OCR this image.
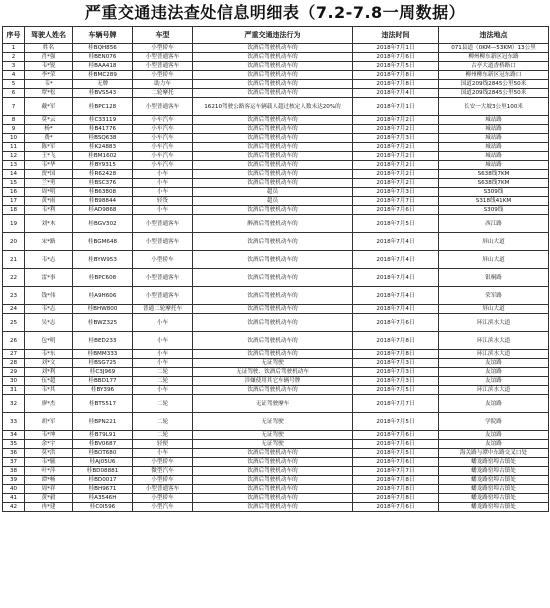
严重交通违法查处信息明细表（7.2-7.8一周数据）
序号	驾驶人姓名	车辆号牌	车型	严重交通违法行为	违法时间	违法地点
1	姓名	桂BQH856	小型轿车	饮酒后驾驶机动车的	2018年7月1日	071县道（0KM—53KM）13公里
2	肖*强	桂BEN076	小型普通客车	饮酒后驾驶机动车的	2018年7月6日	柳州柳东新区冠东路
3	韦*锐	桂BAA418	小型普通客车	饮酒后驾驶机动车的	2018年7月5日	古亭大道香桥路口
4	李*荣	桂BMC289	小型轿车	饮酒后驾驶机动车的	2018年7月8日	柳州柳东新区冠东路口
5	韦*	无牌	助力车	饮酒后驾驶机动车的	2018年7月8日	国道209线2845公里50米
6	覃*松	桂BVS543	二轮摩托	饮酒后驾驶机动车的	2018年7月4日	国道209线2845公里50米
7	戴*军	桂BPC128	小型普通客车	16210驾驶公路客运车辆载人超过核定人数未达20%的	2018年7月1日	长安一大坡3公里100米
8	莫*云	桂C33119	小车汽车	饮酒后驾驶机动车的	2018年7月2日	城站路
9	杨*	桂B41776	小车汽车	饮酒后驾驶机动车的	2018年7月2日	城站路
10	费*	桂BSQ638	小车汽车	饮酒后驾驶机动车的	2018年7月3日	城站路
11	陈*军	桂K24883	小车汽车	饮酒后驾驶机动车的	2018年7月2日	城站路
12	王*飞	桂BM1602	小车汽车	饮酒后驾驶机动车的	2018年7月2日	城站路
13	韦*华	桂BY9315	小车汽车	饮酒后驾驶机动车的	2018年7月2日	城站路
14	贾*国	桂R62428	小车	饮酒后驾驶机动车的	2018年7月2日	S638线7KM
15	兰*勇	桂BSC376	小车	饮酒后驾驶机动车的	2018年7月2日	S638线7KM
16	周*明	桂B63808	小车	超员	2018年7月3日	S309线
17	黄*雨	桂B98844	轻货	超员	2018年7月7日	S318线41KM
18	韦*利	桂AD9868	小车	饮酒后驾驶机动车的	2018年7月6日	S309线
19	刘*木	桂BGV302	小型普通客车	醉酒后驾驶机动车的	2018年7月5日	西江路
20	宋*路	桂BGM648	小型普通客车	饮酒后驾驶机动车的	2018年7月4日	屏山大道
21	韦*志	桂BYW953	小型轿车	饮酒后驾驶机动车的	2018年7月4日	屏山大道
22	雷*事	桂BPC608	小型普通客车	饮酒后驾驶机动车的	2018年7月4日	银桐路
23	钱*伟	桂A9H606	小型普通客车	饮酒后驾驶机动车的	2018年7月4日	荣军路
24	韦*志	桂BHW800	普通二轮摩托车	饮酒后驾驶机动车的	2018年7月4日	屏山大道
25	吴*志	桂BWZ325	小车	饮酒后驾驶机动车的	2018年7月6日	环江滨水大道
26	包*明	桂BED233	小车	饮酒后驾驶机动车的	2018年7月8日	环江滨水大道
27	韦*东	桂BMM333	小车	饮酒后驾驶机动车的	2018年7月8日	环江滨水大道
28	刘*文	桂BSG725	小车	无证驾驶	2018年7月3日	友谊路
29	刘*利	桂C3J969	二轮	无证驾驶、饮酒后驾驶机动车	2018年7月3日	友谊路
30	伍*超	桂BBD177	二轮	涉嫌使用其它车辆号牌	2018年7月3日	友谊路
31	韦*其	桂BY396	小车	饮酒后驾驶机动车的	2018年7月5日	环江滨水大道
32	廖*杰	桂BT5517	二轮	无证驾驶摩车	2018年7月7日	友谊路
33	胡*军	桂BPN221	二轮	无证驾驶	2018年7月5日	学院路
34	韦*坤	桂B79L91	二轮	无证驾驶	2018年7月6日	友谊路
35	余*宇	桂BV0687	轻便	无证驾驶	2018年7月6日	友谊路
36	莫*洪	桂BOT680	小车	饮酒后驾驶机动车的	2018年7月5日	海关路与潭中东路交叉口处
37	韦*毓	桂AJ05U6	小型轿车	饮酒后驾驶机动车的	2018年7月6日	蟠龙路窑埠古镇处
38	叶*萍	桂BD08881	微型汽车	饮酒后驾驶机动车的	2018年7月7日	蟠龙路窑埠古镇处
39	谭*畅	桂BD0017	小型轿车	饮酒后驾驶机动车的	2018年7月8日	蟠龙路窑埠古镇处
40	周*祥	桂BH9671	小型普通客车	饮酒后驾驶机动车的	2018年7月8日	蟠龙路窑埠古镇处
41	黄*毅	桂A3546H	小型轿车	饮酒后驾驶机动车的	2018年7月8日	蟠龙路窑埠古镇处
42	冉*建	桂C0I596	小型汽车	饮酒后驾驶机动车的	2018年7月6日	蟠龙路窑埠古镇处
